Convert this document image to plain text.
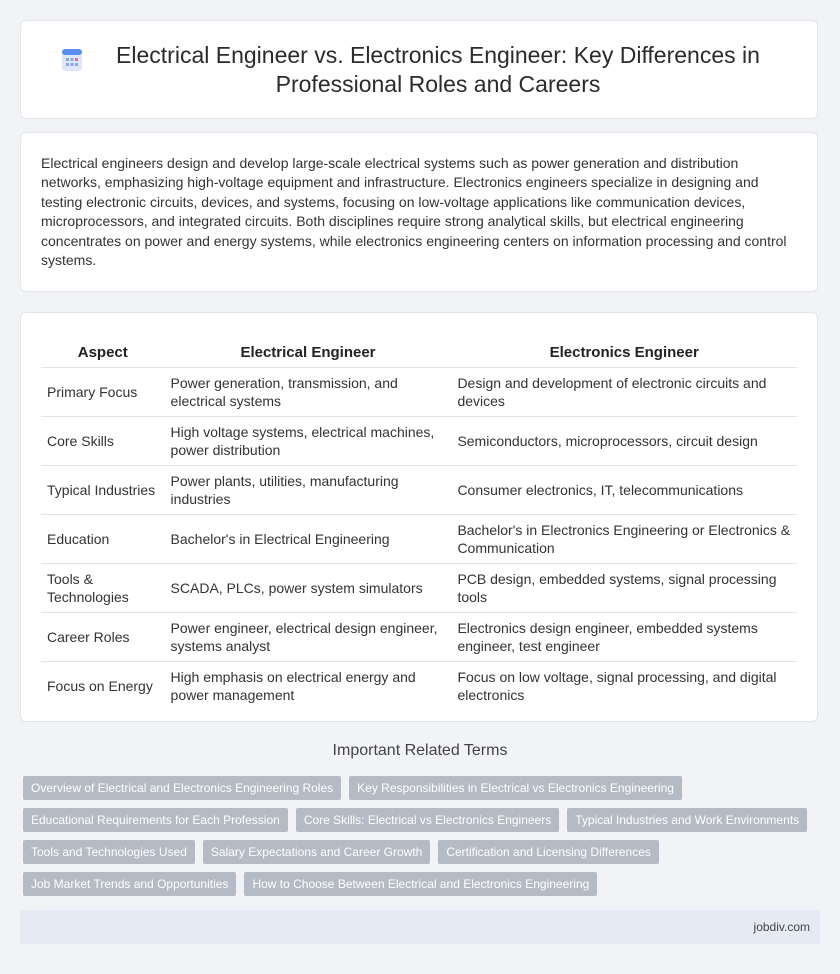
Electrical Engineer vs. Electronics Engineer: Key Differences in Professional Roles and Careers

Electrical engineers design and develop large-scale electrical systems such as power generation and distribution networks, emphasizing high-voltage equipment and infrastructure. Electronics engineers specialize in designing and testing electronic circuits, devices, and systems, focusing on low-voltage applications like communication devices, microprocessors, and integrated circuits. Both disciplines require strong analytical skills, but electrical engineering concentrates on power and energy systems, while electronics engineering centers on information processing and control systems.

Aspect	Electrical Engineer	Electronics Engineer
Primary Focus	Power generation, transmission, and electrical systems	Design and development of electronic circuits and devices
Core Skills	High voltage systems, electrical machines, power distribution	Semiconductors, microprocessors, circuit design
Typical Industries	Power plants, utilities, manufacturing industries	Consumer electronics, IT, telecommunications
Education	Bachelor's in Electrical Engineering	Bachelor's in Electronics Engineering or Electronics & Communication
Tools & Technologies	SCADA, PLCs, power system simulators	PCB design, embedded systems, signal processing tools
Career Roles	Power engineer, electrical design engineer, systems analyst	Electronics design engineer, embedded systems engineer, test engineer
Focus on Energy	High emphasis on electrical energy and power management	Focus on low voltage, signal processing, and digital electronics
Important Related Terms
Overview of Electrical and Electronics Engineering Roles	Key Responsibilities in Electrical vs Electronics Engineering
Educational Requirements for Each Profession	Core Skills: Electrical vs Electronics Engineers	Typical Industries and Work Environments
Tools and Technologies Used	Salary Expectations and Career Growth	Certification and Licensing Differences
Job Market Trends and Opportunities	How to Choose Between Electrical and Electronics Engineering
jobdiv.com
